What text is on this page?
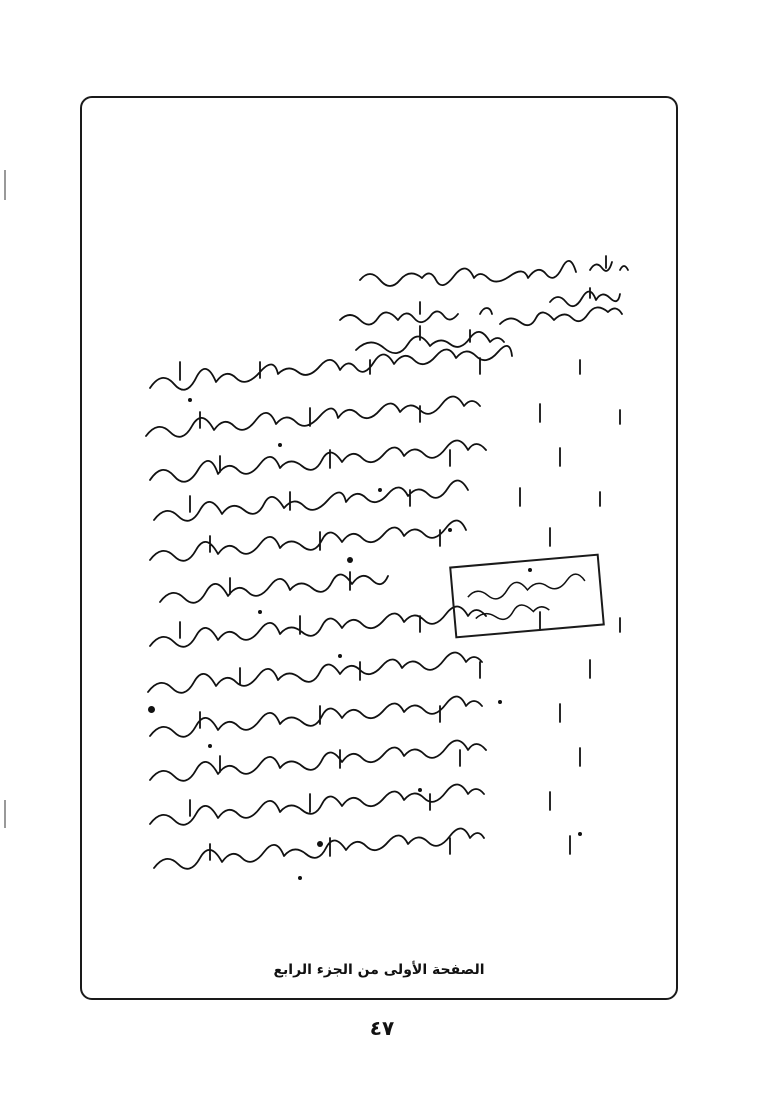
الصفحة الأولى من الجزء الرابع
٤٧
